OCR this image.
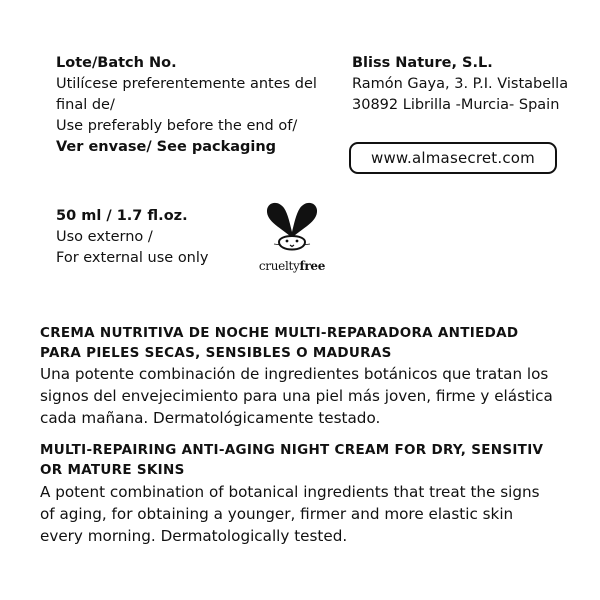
Lote/Batch No.
Utilícese preferentemente antes del
final de/
Use preferably before the end of/
Ver envase/ See packaging
Bliss Nature, S.L.
Ramón Gaya, 3. P.I. Vistabella
30892 Librilla -Murcia- Spain
www.almasecret.com
50 ml / 1.7 fl.oz.
Uso externo /
For external use only	crueltyfree
CREMA NUTRITIVA DE NOCHE MULTI-REPARADORA ANTIEDAD
PARA PIELES SECAS, SENSIBLES O MADURAS
Una potente combinación de ingredientes botánicos que tratan los
signos del envejecimiento para una piel más joven, firme y elástica
cada mañana. Dermatológicamente testado.
MULTI-REPAIRING ANTI-AGING NIGHT CREAM FOR DRY, SENSITIV
OR MATURE SKINS
A potent combination of botanical ingredients that treat the signs
of aging, for obtaining a younger, firmer and more elastic skin
every morning. Dermatologically tested.
